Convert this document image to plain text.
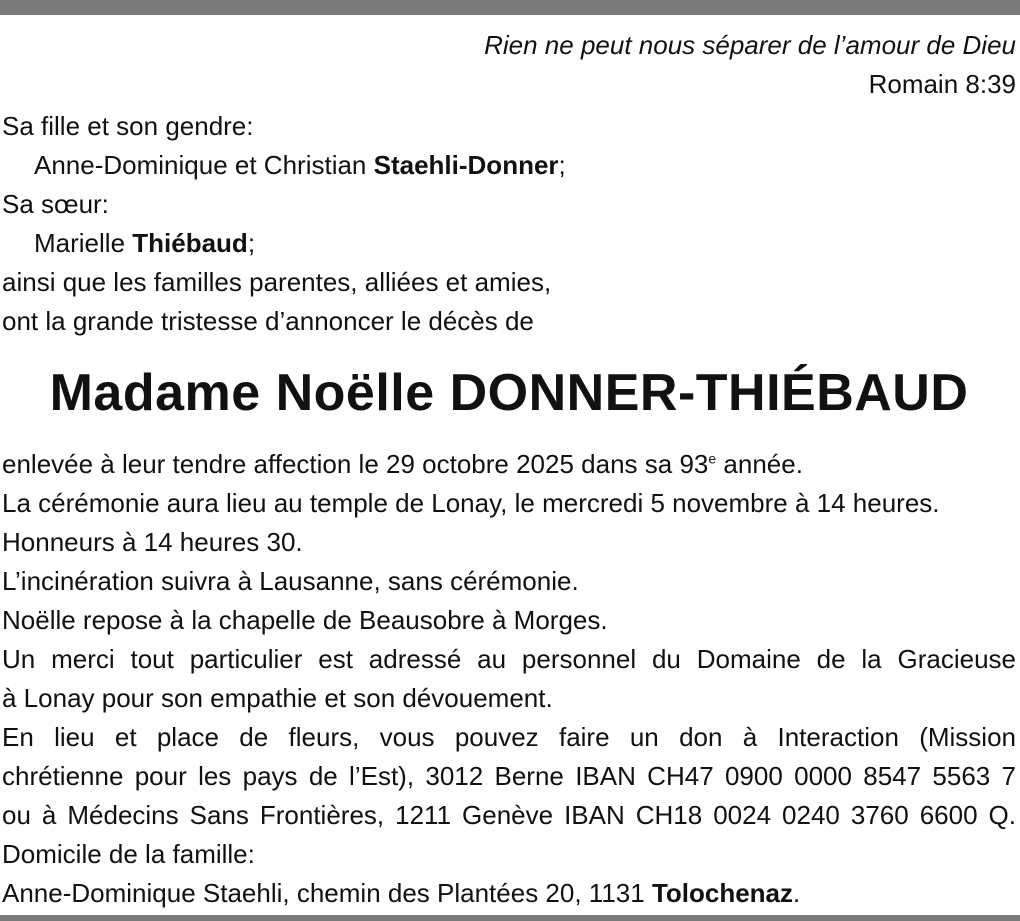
Rien ne peut nous séparer de l’amour de Dieu
Romain 8:39
Sa fille et son gendre:
Anne-Dominique et Christian Staehli-Donner;
Sa sœur:
Marielle Thiébaud;
ainsi que les familles parentes, alliées et amies,
ont la grande tristesse d’annoncer le décès de
Madame Noëlle DONNER-THIÉBAUD
enlevée à leur tendre affection le 29 octobre 2025 dans sa 93e année.
La cérémonie aura lieu au temple de Lonay, le mercredi 5 novembre à 14 heures.
Honneurs à 14 heures 30.
L’incinération suivra à Lausanne, sans cérémonie.
Noëlle repose à la chapelle de Beausobre à Morges.
Un merci tout particulier est adressé au personnel du Domaine de la Gracieuse
à Lonay pour son empathie et son dévouement.
En lieu et place de fleurs, vous pouvez faire un don à Interaction (Mission
chrétienne pour les pays de l’Est), 3012 Berne IBAN CH47 0900 0000 8547 5563 7
ou à Médecins Sans Frontières, 1211 Genève IBAN CH18 0024 0240 3760 6600 Q.
Domicile de la famille:
Anne-Dominique Staehli, chemin des Plantées 20, 1131 Tolochenaz.
